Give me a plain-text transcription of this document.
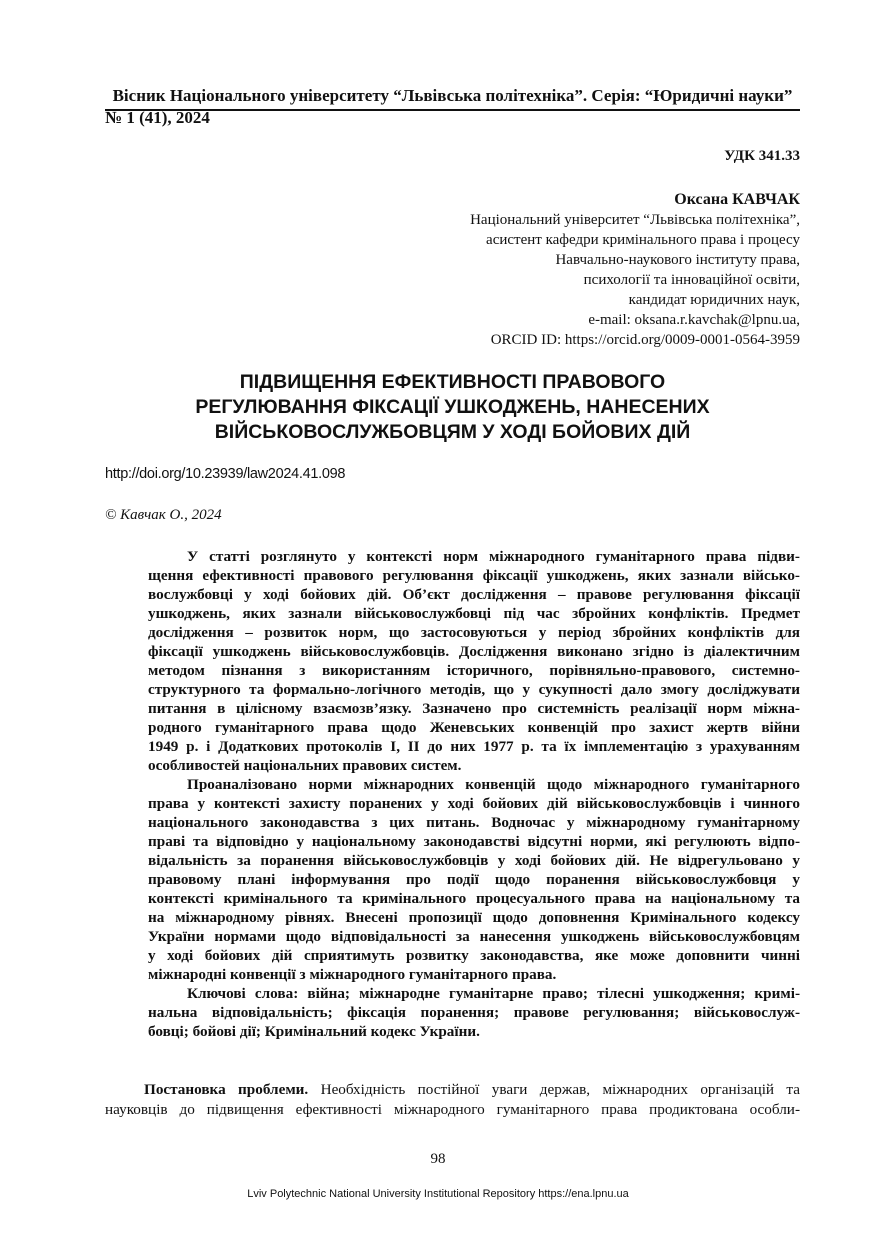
Вісник Національного університету “Львівська політехніка”. Серія: “Юридичні науки”
№ 1 (41), 2024
УДК 341.33
Оксана КАВЧАК
Національний університет “Львівська політехніка”,
асистент кафедри кримінального права і процесу
Навчально-наукового інституту права,
психології та інноваційної освіти,
кандидат юридичних наук,
e-mail: oksana.r.kavchak@lpnu.ua,
ORCID ID: https://orcid.org/0009-0001-0564-3959
ПІДВИЩЕННЯ ЕФЕКТИВНОСТІ ПРАВОВОГО
РЕГУЛЮВАННЯ ФІКСАЦІЇ УШКОДЖЕНЬ, НАНЕСЕНИХ
ВІЙСЬКОВОСЛУЖБОВЦЯМ У ХОДІ БОЙОВИХ ДІЙ
http://doi.org/10.23939/law2024.41.098
© Кавчак О., 2024
У статті розглянуто у контексті норм міжнародного гуманітарного права підви-
щення ефективності правового регулювання фіксації ушкоджень, яких зазнали військо-
вослужбовці у ході бойових дій. Об’єкт дослідження – правове регулювання фіксації
ушкоджень, яких зазнали військовослужбовці під час збройних конфліктів. Предмет
дослідження – розвиток норм, що застосовуються у період збройних конфліктів для
фіксації ушкоджень військовослужбовців. Дослідження виконано згідно із діалектичним
методом пізнання з використанням історичного, порівняльно-правового, системно-
структурного та формально-логічного методів, що у сукупності дало змогу досліджувати
питання в цілісному взаємозв’язку. Зазначено про системність реалізації норм міжна-
родного гуманітарного права щодо Женевських конвенцій про захист жертв війни
1949 р. і Додаткових протоколів І, ІІ до них 1977 р. та їх імплементацію з урахуванням
особливостей національних правових систем.
Проаналізовано норми міжнародних конвенцій щодо міжнародного гуманітарного
права у контексті захисту поранених у ході бойових дій військовослужбовців і чинного
національного законодавства з цих питань. Водночас у міжнародному гуманітарному
праві та відповідно у національному законодавстві відсутні норми, які регулюють відпо-
відальність за поранення військовослужбовців у ході бойових дій. Не відрегульовано у
правовому плані інформування про події щодо поранення військовослужбовця у
контексті кримінального та кримінального процесуального права на національному та
на міжнародному рівнях. Внесені пропозиції щодо доповнення Кримінального кодексу
України нормами щодо відповідальності за нанесення ушкоджень військовослужбовцям
у ході бойових дій сприятимуть розвитку законодавства, яке може доповнити чинні
міжнародні конвенції з міжнародного гуманітарного права.
Ключові слова: війна; міжнародне гуманітарне право; тілесні ушкодження; кримі-
нальна відповідальність; фіксація поранення; правове регулювання; військовослуж-
бовці; бойові дії; Кримінальний кодекс України.
Постановка проблеми. Необхідність постійної уваги держав, міжнародних організацій та
науковців до підвищення ефективності міжнародного гуманітарного права продиктована особли-
98
Lviv Polytechnic National University Institutional Repository https://ena.lpnu.ua
